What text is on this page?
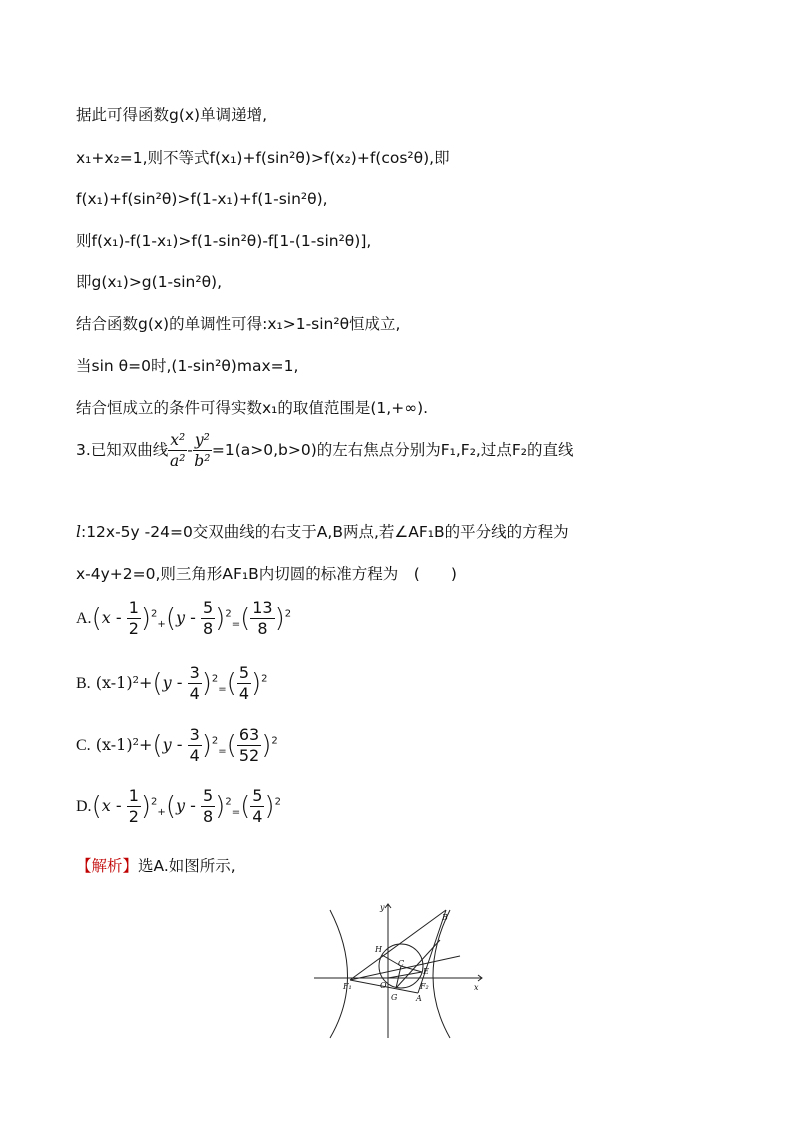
据此可得函数g(x)单调递增,
x₁+x₂=1,则不等式f(x₁)+f(sin²θ)>f(x₂)+f(cos²θ),即
f(x₁)+f(sin²θ)>f(1-x₁)+f(1-sin²θ),
则f(x₁)-f(1-x₁)>f(1-sin²θ)-f[1-(1-sin²θ)],
即g(x₁)>g(1-sin²θ),
结合函数g(x)的单调性可得:x₁>1-sin²θ恒成立,
当sin θ=0时,(1-sin²θ)max=1,
结合恒成立的条件可得实数x₁的取值范围是(1,+∞).
3.已知双曲线 $\frac{\text{x²}}{\text{a²}} - \frac{\text{y²}}{\text{b²}} =1(a>0,b>0)$的左右焦点分别为F₁,F₂,过点F₂的直线
l:12x-5y -24=0交双曲线的右支于A,B两点,若∠AF₁B的平分线的方程为
x-4y+2=0,则三角形AF₁B内切圆的标准方程为　(　　)
$A.(x - \frac{1}{2} )^2_+(y - \frac{5}{8} )^2_=( \frac{13}{8} )^2$
B. $(x-1)^2+(y - \frac{3}{4} )^2_=( \frac{5}{4} )^2$
C. $(x-1)^2+(y - \frac{3}{4} )^2_=( \frac{63}{52} )^2$
$D.(x - \frac{1}{2} )^2_+(y - \frac{5}{8} )^2_=( \frac{5}{4} )^2$
【解析】选A.如图所示,
y
x
B
H
C
E
F₁	O
G A
F₂
